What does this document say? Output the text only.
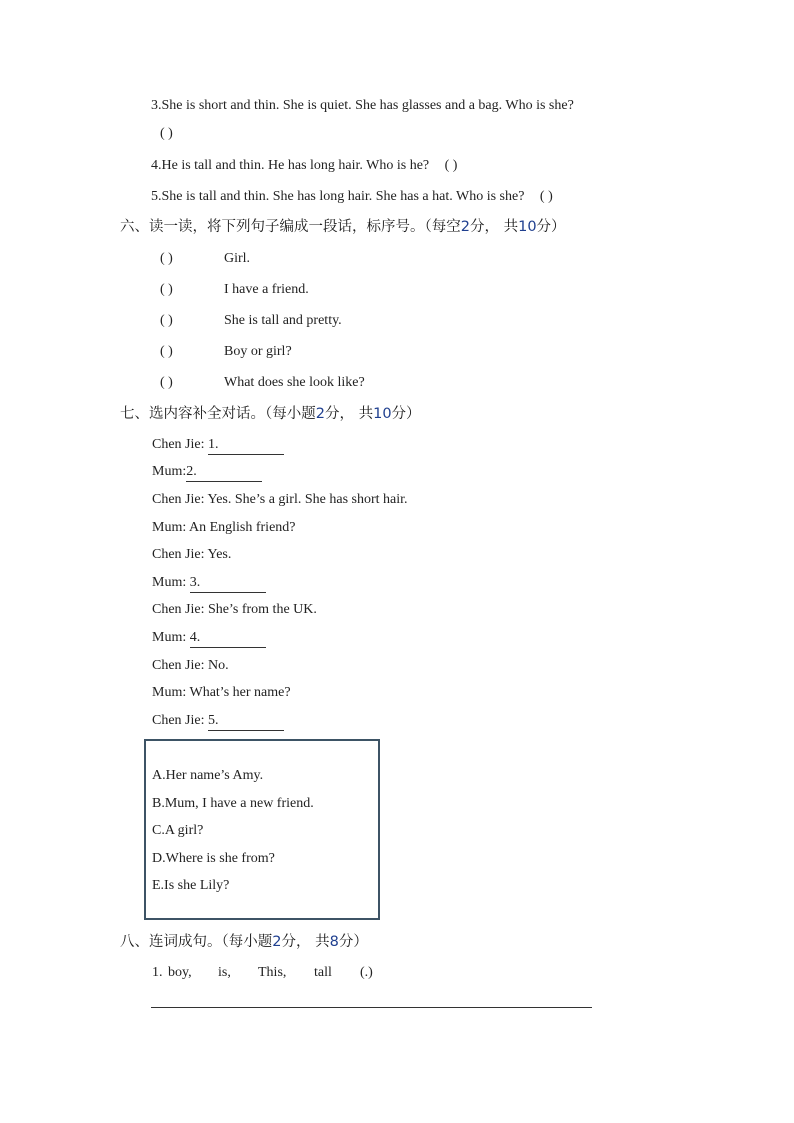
3.She is short and thin. She is quiet. She has glasses and a bag. Who is she?
( )
4.He is tall and thin. He has long hair. Who is he? ( )
5.She is tall and thin. She has long hair. She has a hat. Who is she? ( )
六、读一读，将下列句子编成一段话，标序号。（每空2分， 共10分）
( )	Girl.
( )	I have a friend.
( )	She is tall and pretty.
( )	Boy or girl?
( )	What does she look like?
七、选内容补全对话。（每小题2分， 共10分）
Chen Jie: 1.
Mum:2.
Chen Jie: Yes. She’s a girl. She has short hair.
Mum: An English friend?
Chen Jie: Yes.
Mum: 3.
Chen Jie: She’s from the UK.
Mum: 4.
Chen Jie: No.
Mum: What’s her name?
Chen Jie: 5.
A.Her name’s Amy.
B.Mum, I have a new friend.
C.A girl?
D.Where is she from?
E.Is she Lily?
八、连词成句。（每小题2分， 共8分）
1. boy, is, This, tall (.)
